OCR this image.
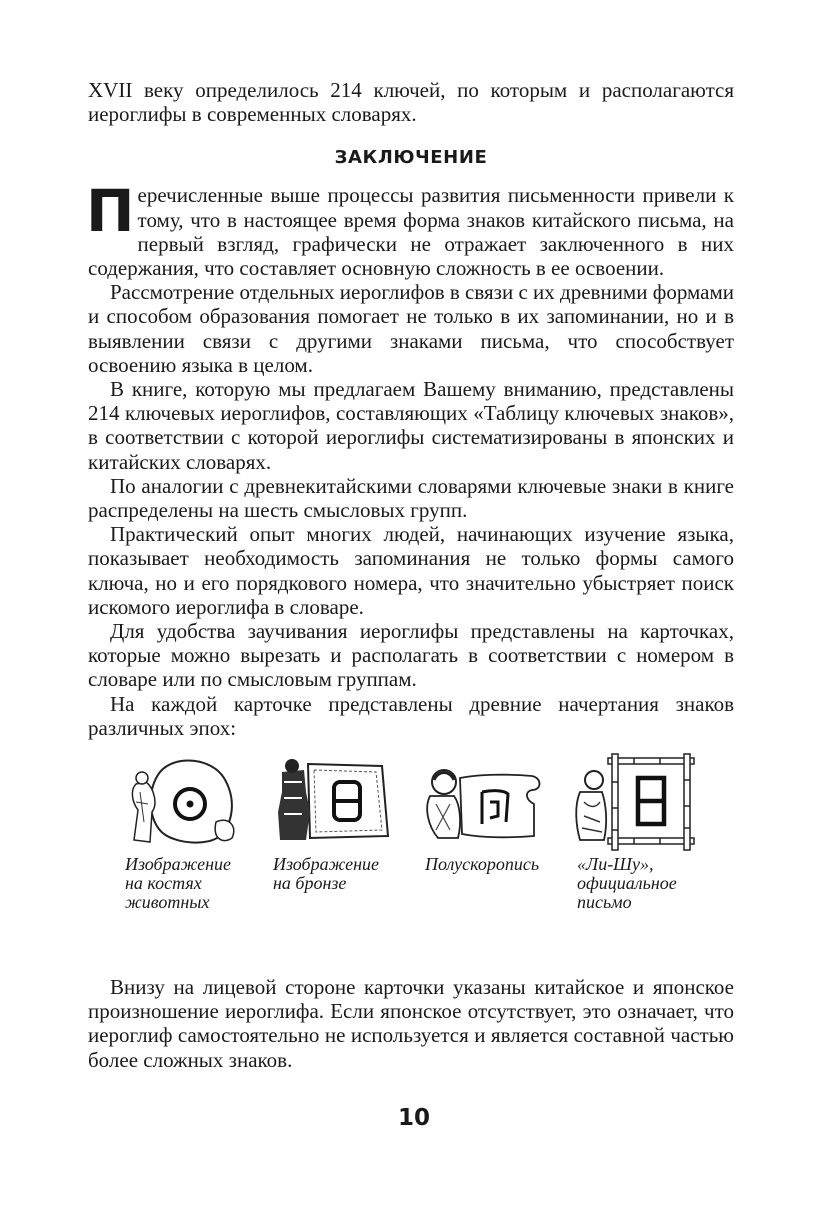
XVII веку определилось 214 ключей, по которым и располагаются иероглифы в современных словарях.

ЗАКЛЮЧЕНИЕ

Перечисленные выше процессы развития письменности привели к тому, что в настоящее время форма знаков китайского письма, на первый взгляд, графически не отражает заключенного в них содержания, что составляет основную сложность в ее освоении.

Рассмотрение отдельных иероглифов в связи с их древними формами и способом образования помогает не только в их запоминании, но и в выявлении связи с другими знаками письма, что способствует освоению языка в целом.

В книге, которую мы предлагаем Вашему вниманию, представлены 214 ключевых иероглифов, составляющих «Таблицу ключевых знаков», в соответствии с которой иероглифы систематизированы в японских и китайских словарях.

По аналогии с древнекитайскими словарями ключевые знаки в книге распределены на шесть смысловых групп.

Практический опыт многих людей, начинающих изучение языка, показывает необходимость запоминания не только формы самого ключа, но и его порядкового номера, что значительно убыстряет поиск искомого иероглифа в словаре.

Для удобства заучивания иероглифы представлены на карточках, которые можно вырезать и располагать в соответствии с номером в словаре или по смысловым группам.

На каждой карточке представлены древние начертания знаков различных эпох:

Изображение
на костях
животных
Изображение
на бронзе
Полускоропись «Ли-Шу»,
официальное
письмо

Внизу на лицевой стороне карточки указаны китайское и японское произношение иероглифа. Если японское отсутствует, это означает, что иероглиф самостоятельно не используется и является составной частью более сложных знаков.

10
